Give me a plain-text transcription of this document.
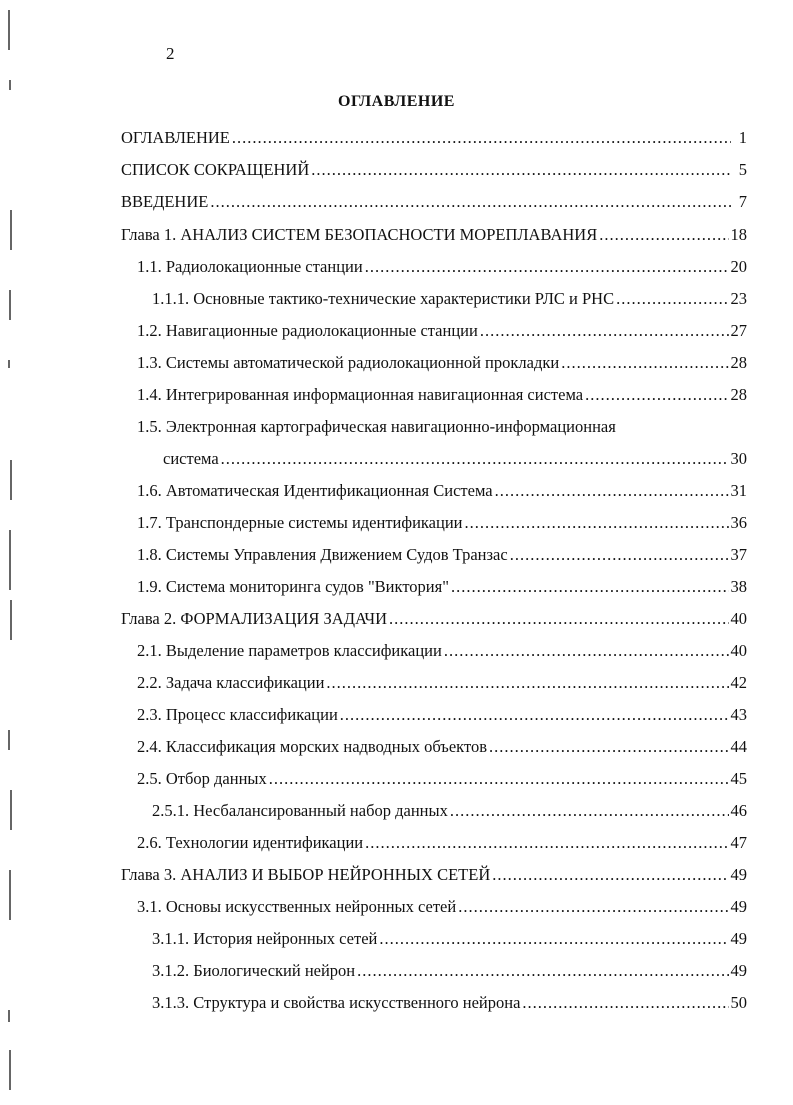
2
ОГЛАВЛЕНИЕ
ОГЛАВЛЕНИЕ .....	1
СПИСОК СОКРАЩЕНИЙ .....	5
ВВЕДЕНИЕ .....	7
Глава 1. АНАЛИЗ СИСТЕМ БЕЗОПАСНОСТИ МОРЕПЛАВАНИЯ .....	18
1.1. Радиолокационные станции .....	20
1.1.1. Основные тактико-технические характеристики РЛС и РНС .....	23
1.2. Навигационные радиолокационные станции .....	27
1.3. Системы автоматической радиолокационной прокладки .....	28
1.4. Интегрированная информационная навигационная система .....	28
1.5. Электронная картографическая навигационно-информационная
система .....	30
1.6. Автоматическая Идентификационная Система .....	31
1.7. Транспондерные системы идентификации .....	36
1.8. Системы Управления Движением Судов Транзас .....	37
1.9. Система мониторинга судов "Виктория" .....	38
Глава 2. ФОРМАЛИЗАЦИЯ ЗАДАЧИ .....	40
2.1. Выделение параметров классификации .....	40
2.2. Задача классификации .....	42
2.3. Процесс классификации .....	43
2.4. Классификация морских надводных объектов .....	44
2.5. Отбор данных .....	45
2.5.1. Несбалансированный набор данных .....	46
2.6. Технологии идентификации .....	47
Глава 3. АНАЛИЗ И ВЫБОР НЕЙРОННЫХ СЕТЕЙ .....	49
3.1. Основы искусственных нейронных сетей .....	49
3.1.1. История нейронных сетей .....	49
3.1.2. Биологический нейрон .....	49
3.1.3. Структура и свойства искусственного нейрона .....	50
